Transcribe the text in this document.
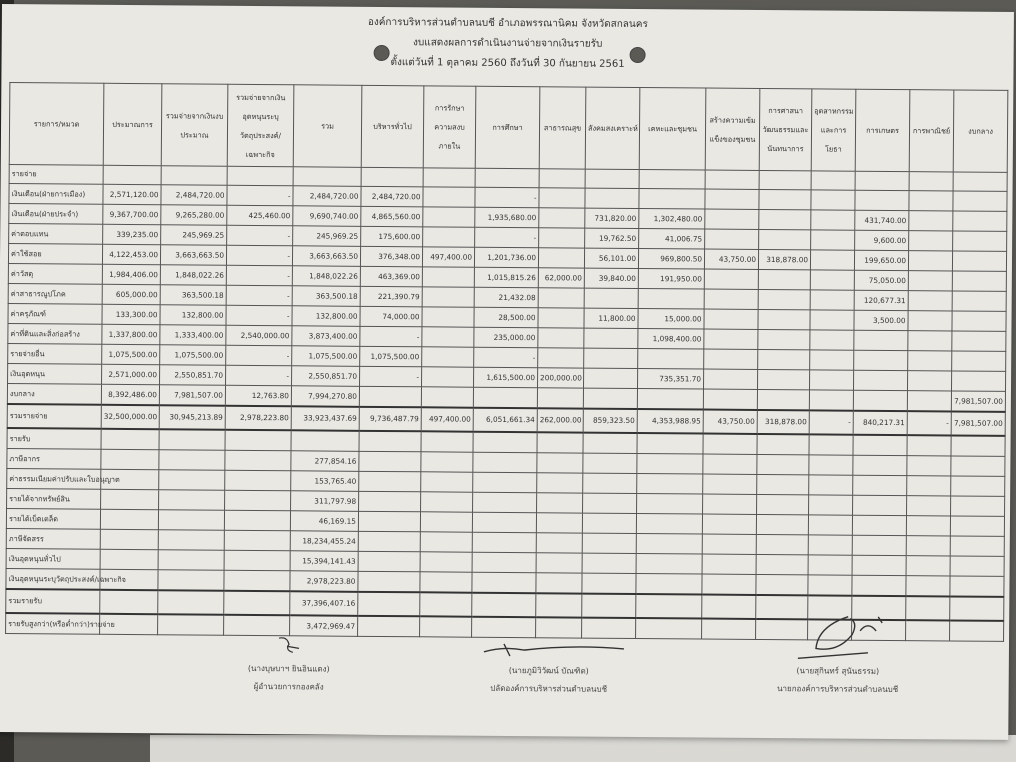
องค์การบริหารส่วนตำบลนบชี อำเภอพรรณานิคม จังหวัดสกลนคร
งบแสดงผลการดำเนินงานจ่ายจากเงินรายรับ
ตั้งแต่วันที่ 1 ตุลาคม 2560 ถึงวันที่ 30 กันยายน 2561
รายการ/หมวด	ประมาณการ	รวมจ่ายจากเงินงบประมาณ	รวมจ่ายจากเงินอุดหนุนระบุวัตถุประสงค์/เฉพาะกิจ	รวม	บริหารทั่วไป	การรักษาความสงบภายใน	การศึกษา	สาธารณสุข	สังคมสงเคราะห์	เคหะและชุมชน	สร้างความเข้มแข็งของชุมชน	การศาสนาวัฒนธรรมและนันทนาการ	อุตสาหกรรมและการโยธา	การเกษตร	การพาณิชย์	งบกลาง
รายจ่าย																
เงินเดือน(ฝ่ายการเมือง)	2,571,120.00	2,484,720.00	-	2,484,720.00	2,484,720.00		-									
เงินเดือน(ฝ่ายประจำ)	9,367,700.00	9,265,280.00	425,460.00	9,690,740.00	4,865,560.00		1,935,680.00		731,820.00	1,302,480.00				431,740.00		
ค่าตอบแทน	339,235.00	245,969.25	-	245,969.25	175,600.00		-		19,762.50	41,006.75				9,600.00		
ค่าใช้สอย	4,122,453.00	3,663,663.50	-	3,663,663.50	376,348.00	497,400.00	1,201,736.00		56,101.00	969,800.50	43,750.00	318,878.00		199,650.00		
ค่าวัสดุ	1,984,406.00	1,848,022.26	-	1,848,022.26	463,369.00		1,015,815.26	62,000.00	39,840.00	191,950.00				75,050.00		
ค่าสาธารณูปโภค	605,000.00	363,500.18	-	363,500.18	221,390.79		21,432.08							120,677.31		
ค่าครุภัณฑ์	133,300.00	132,800.00	-	132,800.00	74,000.00		28,500.00		11,800.00	15,000.00				3,500.00		
ค่าที่ดินและสิ่งก่อสร้าง	1,337,800.00	1,333,400.00	2,540,000.00	3,873,400.00	-		235,000.00			1,098,400.00						
รายจ่ายอื่น	1,075,500.00	1,075,500.00	-	1,075,500.00	1,075,500.00		-									
เงินอุดหนุน	2,571,000.00	2,550,851.70	-	2,550,851.70	-		1,615,500.00	200,000.00		735,351.70						
งบกลาง	8,392,486.00	7,981,507.00	12,763.80	7,994,270.80												7,981,507.00
รวมรายจ่าย	32,500,000.00	30,945,213.89	2,978,223.80	33,923,437.69	9,736,487.79	497,400.00	6,051,661.34	262,000.00	859,323.50	4,353,988.95	43,750.00	318,878.00	-	840,217.31	-	7,981,507.00
รายรับ																
ภาษีอากร				277,854.16												
ค่าธรรมเนียมค่าปรับและใบอนุญาต				153,765.40												
รายได้จากทรัพย์สิน				311,797.98												
รายได้เบ็ดเตล็ด				46,169.15												
ภาษีจัดสรร				18,234,455.24												
เงินอุดหนุนทั่วไป				15,394,141.43												
เงินอุดหนุนระบุวัตถุประสงค์/เฉพาะกิจ				2,978,223.80												
รวมรายรับ				37,396,407.16												
รายรับสูงกว่า(หรือต่ำกว่า)รายจ่าย				3,472,969.47												
(นางบุษบาฯ ยินอินแดง)
ผู้อำนวยการกองคลัง
(นายภูมิวิวัฒน์ บัณฑิต)
ปลัดองค์การบริหารส่วนตำบลนบชี
(นายสุกินทร์ สุนันธรรม)
นายกองค์การบริหารส่วนตำบลนบชี
